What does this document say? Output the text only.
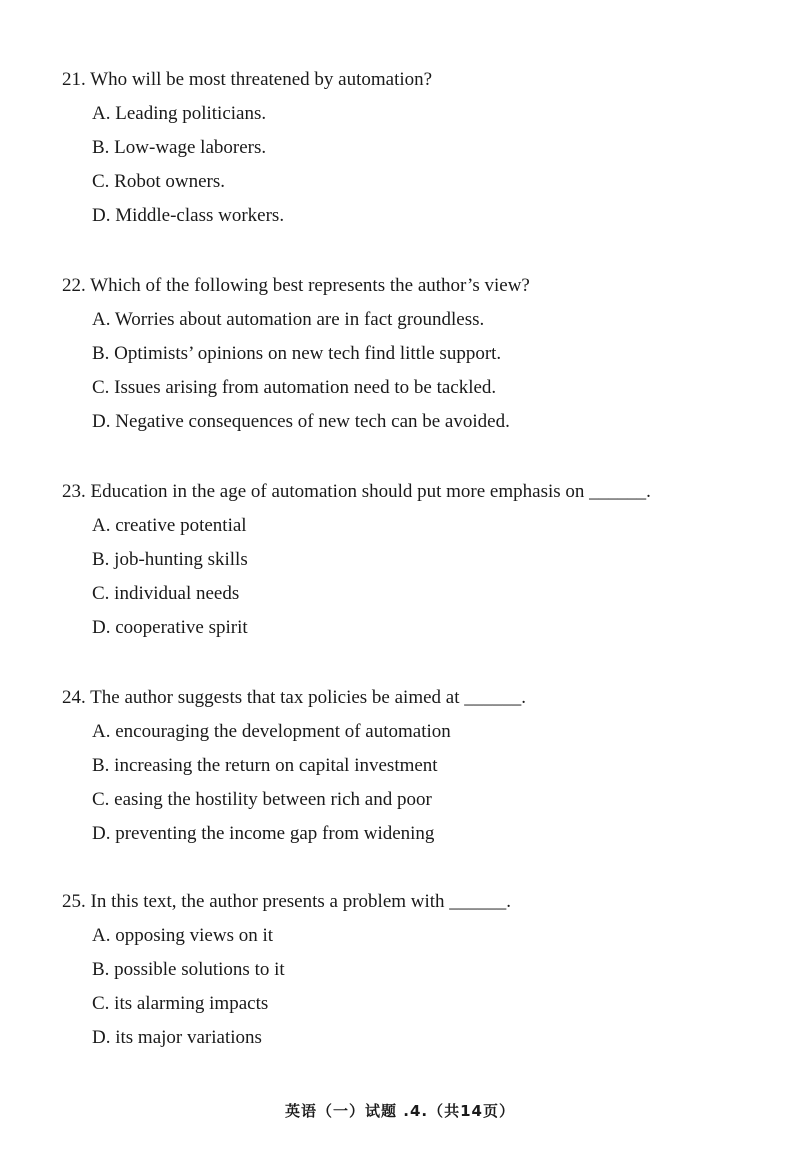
21. Who will be most threatened by automation?
A. Leading politicians.
B. Low-wage laborers.
C. Robot owners.
D. Middle-class workers.
22. Which of the following best represents the author’s view?
A. Worries about automation are in fact groundless.
B. Optimists’ opinions on new tech find little support.
C. Issues arising from automation need to be tackled.
D. Negative consequences of new tech can be avoided.
23. Education in the age of automation should put more emphasis on ______.
A. creative potential
B. job-hunting skills
C. individual needs
D. cooperative spirit
24. The author suggests that tax policies be aimed at ______.
A. encouraging the development of automation
B. increasing the return on capital investment
C. easing the hostility between rich and poor
D. preventing the income gap from widening
25. In this text, the author presents a problem with ______.
A. opposing views on it
B. possible solutions to it
C. its alarming impacts
D. its major variations
英语（一）试题 .4.（共14页）
